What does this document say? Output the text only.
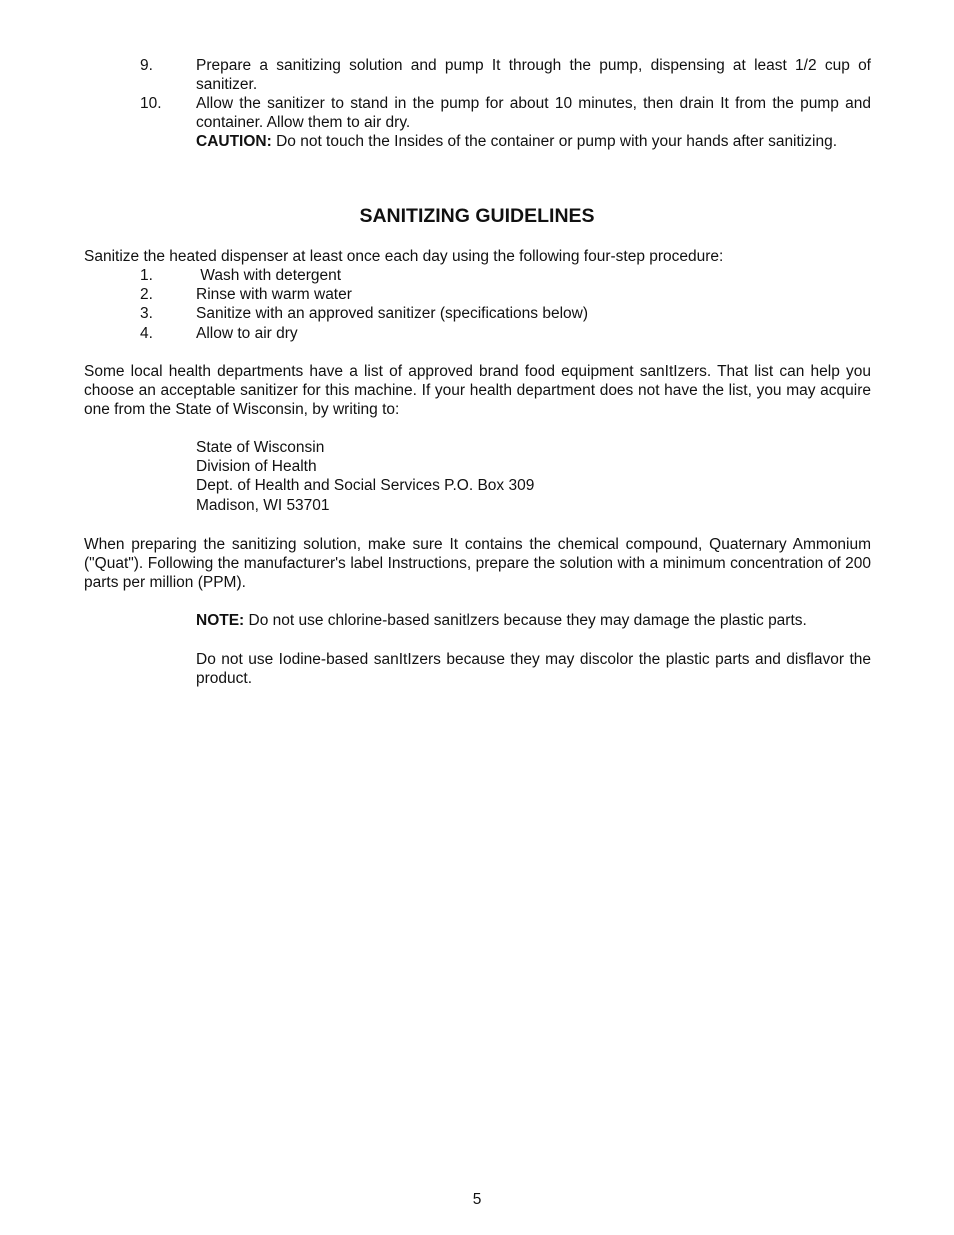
9.	Prepare a sanitizing solution and pump It through the pump, dispensing at least 1/2 cup of sanitizer.
10. Allow the sanitizer to stand in the pump for about 10 minutes, then drain It from the pump and container. Allow them to air dry.
CAUTION: Do not touch the Insides of the container or pump with your hands after sanitizing.
SANITIZING GUIDELINES
Sanitize the heated dispenser at least once each day using the following four-step procedure:
1.	Wash with detergent
2.	Rinse with warm water
3.	Sanitize with an approved sanitizer (specifications below)
4.	Allow to air dry
Some local health departments have a list of approved brand food equipment sanItIzers. That list can help you choose an acceptable sanitizer for this machine. If your health department does not have the list, you may acquire one from the State of Wisconsin, by writing to:
State of Wisconsin
Division of Health
Dept. of Health and Social Services P.O. Box 309
Madison, WI 53701
When preparing the sanitizing solution, make sure It contains the chemical compound, Quaternary Ammonium ("Quat"). Following the manufacturer's label Instructions, prepare the solution with a minimum concentration of 200 parts per million (PPM).
NOTE: Do not use chlorine-based sanitlzers because they may damage the plastic parts.
Do not use Iodine-based sanItIzers because they may discolor the plastic parts and disflavor the product.
5
